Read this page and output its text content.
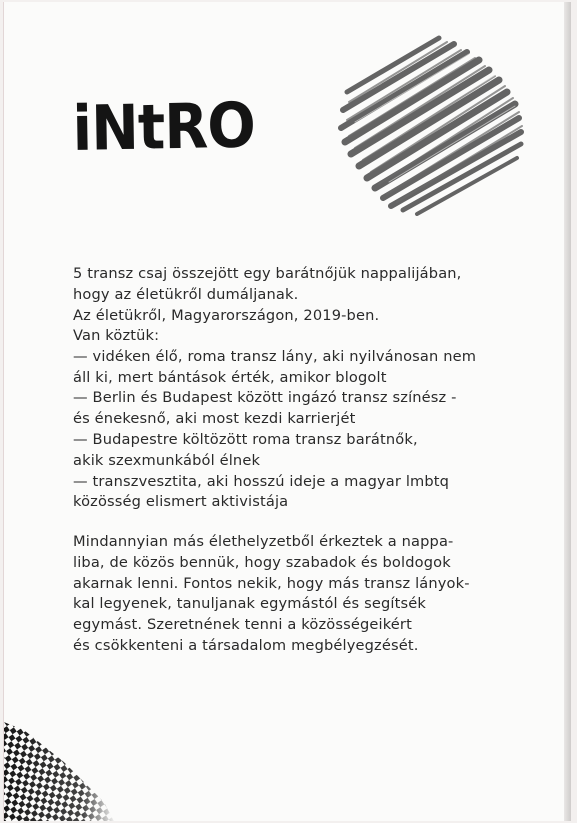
iNtRO

5 transz csaj összejött egy barátnőjük nappalijában,

hogy az életükről dumáljanak.

Az életükről, Magyarországon, 2019-ben.

Van köztük:

— vidéken élő, roma transz lány, aki nyilvánosan nem

áll ki, mert bántások érték, amikor blogolt

— Berlin és Budapest között ingázó transz színész -

és énekesnő, aki most kezdi karrierjét

— Budapestre költözött roma transz barátnők,

akik szexmunkából élnek

— transzvesztita, aki hosszú ideje a magyar lmbtq

közösség elismert aktivistája

Mindannyian más élethelyzetből érkeztek a nappa-

liba, de közös bennük, hogy szabadok és boldogok

akarnak lenni. Fontos nekik, hogy más transz lányok-

kal legyenek, tanuljanak egymástól és segítsék

egymást. Szeretnének tenni a közösségeikért

és csökkenteni a társadalom megbélyegzését.
